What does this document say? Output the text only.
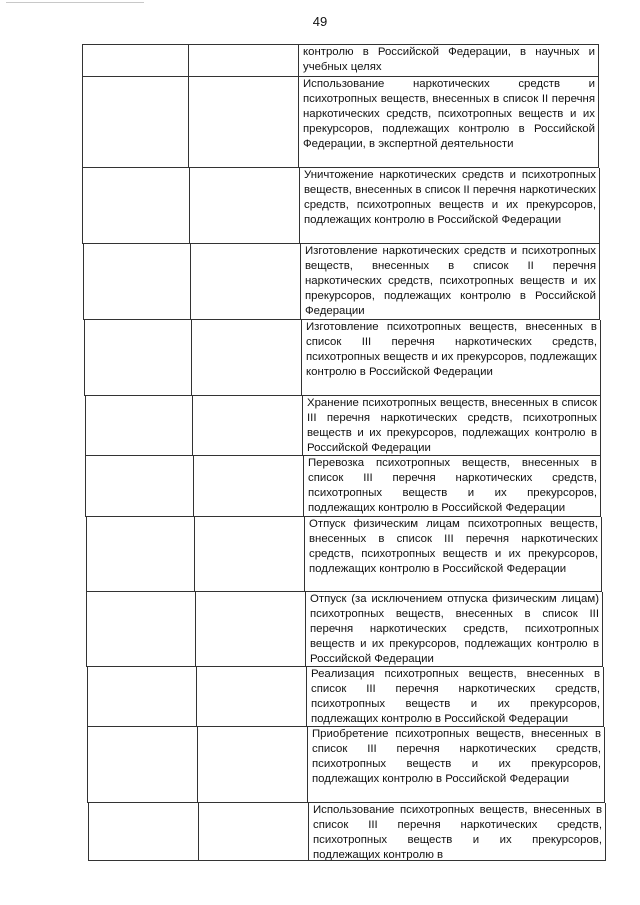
49
контролю в Российской Федерации, в научных и учебных целях
Использование наркотических средств и психотропных веществ, внесенных в список II перечня наркотических средств, психотропных веществ и их прекурсоров, подлежащих контролю в Российской Федерации, в экспертной деятельности
Уничтожение наркотических средств и психотропных веществ, внесенных в список II перечня наркотических средств, психотропных веществ и их прекурсоров, подлежащих контролю в Российской Федерации
Изготовление наркотических средств и психотропных веществ, внесенных в список II перечня наркотических средств, психотропных веществ и их прекурсоров, подлежащих контролю в Российской Федерации
Изготовление психотропных веществ, внесенных в список III перечня наркотических средств, психотропных веществ и их прекурсоров, подлежащих контролю в Российской Федерации
Хранение психотропных веществ, внесенных в список III перечня наркотических средств, психотропных веществ и их прекурсоров, подлежащих контролю в Российской Федерации
Перевозка психотропных веществ, внесенных в список III перечня наркотических средств, психотропных веществ и их прекурсоров, подлежащих контролю в Российской Федерации
Отпуск физическим лицам психотропных веществ, внесенных в список III перечня наркотических средств, психотропных веществ и их прекурсоров, подлежащих контролю в Российской Федерации
Отпуск (за исключением отпуска физическим лицам) психотропных веществ, внесенных в список III перечня наркотических средств, психотропных веществ и их прекурсоров, подлежащих контролю в Российской Федерации
Реализация психотропных веществ, внесенных в список III перечня наркотических средств, психотропных веществ и их прекурсоров, подлежащих контролю в Российской Федерации
Приобретение психотропных веществ, внесенных в список III перечня наркотических средств, психотропных веществ и их прекурсоров, подлежащих контролю в Российской Федерации
Использование психотропных веществ, внесенных в список III перечня наркотических средств, психотропных веществ и их прекурсоров, подлежащих контролю в
